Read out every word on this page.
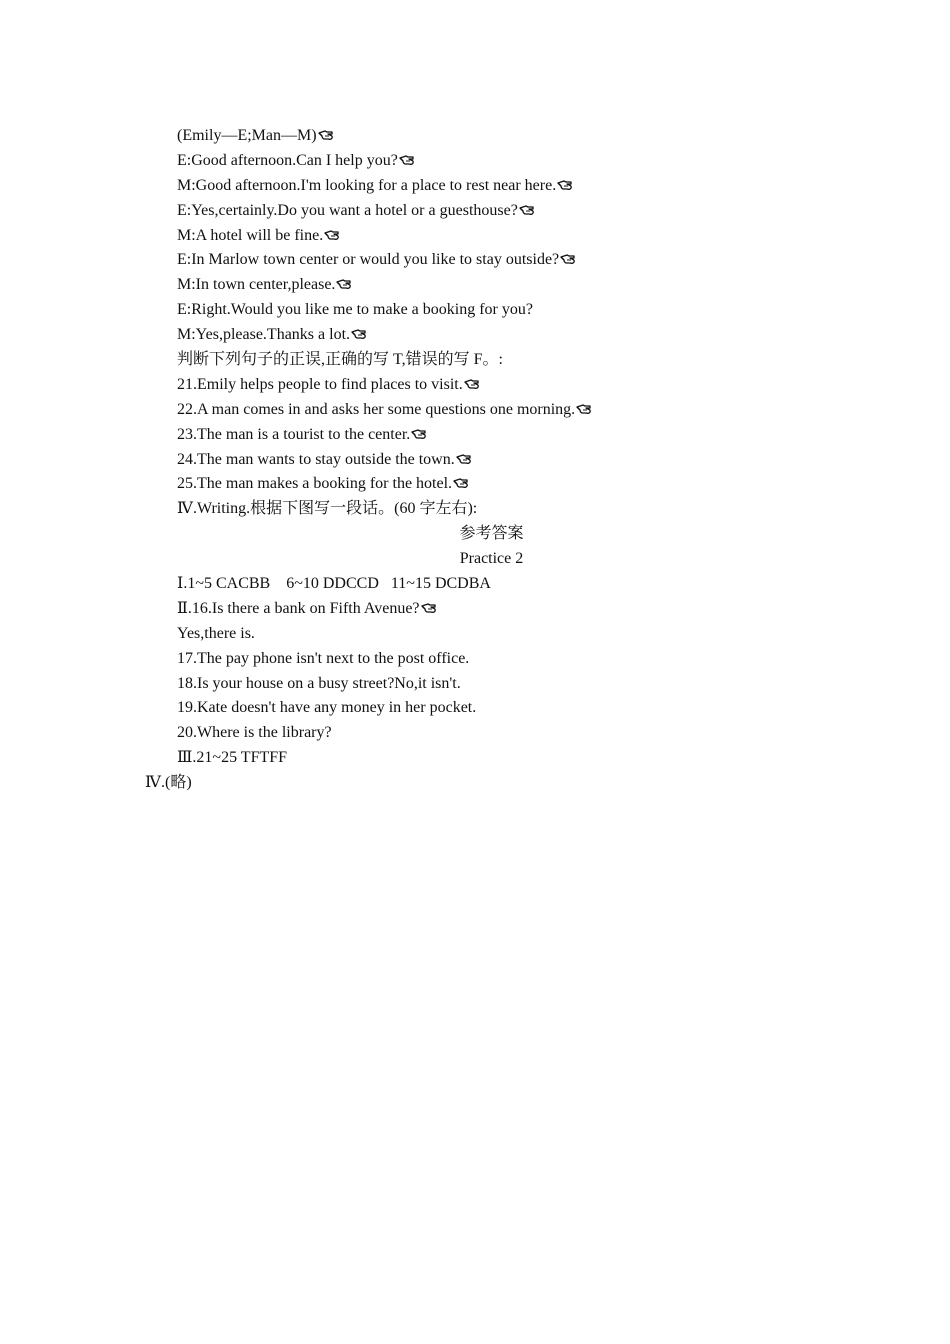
(Emily—E;Man—M)
E:Good afternoon.Can I help you?
M:Good afternoon.I'm looking for a place to rest near here.
E:Yes,certainly.Do you want a hotel or a guesthouse?
M:A hotel will be fine.
E:In Marlow town center or would you like to stay outside?
M:In town center,please.
E:Right.Would you like me to make a booking for you?
M:Yes,please.Thanks a lot.
判断下列句子的正误,正确的写 T,错误的写 F。:
21.Emily helps people to find places to visit.
22.A man comes in and asks her some questions one morning.
23.The man is a tourist to the center.
24.The man wants to stay outside the town.
25.The man makes a booking for the hotel.
Ⅳ.Writing.根据下图写一段话。(60 字左右):
参考答案
Practice 2
Ⅰ.1~5 CACBB    6~10 DDCCD   11~15 DCDBA
Ⅱ.16.Is there a bank on Fifth Avenue?
Yes,there is.
17.The pay phone isn't next to the post office.
18.Is your house on a busy street?No,it isn't.
19.Kate doesn't have any money in her pocket.
20.Where is the library?
Ⅲ.21~25 TFTFF
Ⅳ.(略)
